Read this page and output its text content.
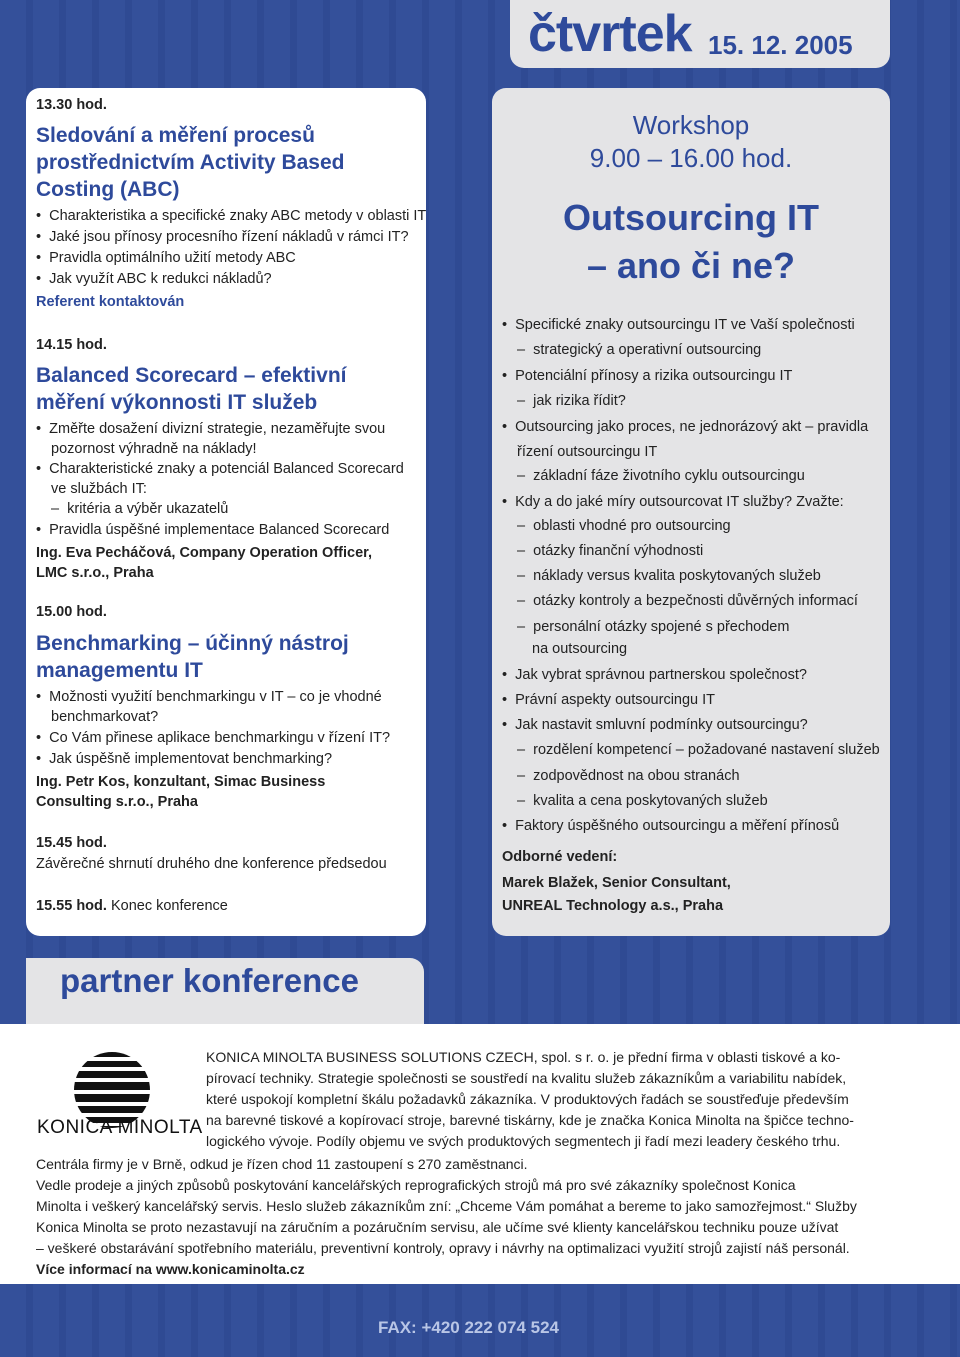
čtvrtek 15. 12. 2005
13.30 hod.
Sledování a měření procesů
prostřednictvím Activity Based
Costing (ABC)
•  Charakteristika a specifické znaky ABC metody v oblasti IT
•  Jaké jsou přínosy procesního řízení nákladů v rámci IT?
•  Pravidla optimálního užití metody ABC
•  Jak využít ABC k redukci nákladů?
Referent kontaktován
14.15 hod.
Balanced Scorecard – efektivní
měření výkonnosti IT služeb
•  Změřte dosažení divizní strategie, nezaměřujte svou
pozornost výhradně na náklady!
•  Charakteristické znaky a potenciál Balanced Scorecard
ve službách IT:
–  kritéria a výběr ukazatelů
•  Pravidla úspěšné implementace Balanced Scorecard
Ing. Eva Pecháčová, Company Operation Officer,
LMC s.r.o., Praha
15.00 hod.
Benchmarking – účinný nástroj
managementu IT
•  Možnosti využití benchmarkingu v IT – co je vhodné
benchmarkovat?
•  Co Vám přinese aplikace benchmarkingu v řízení IT?
•  Jak úspěšně implementovat benchmarking?
Ing. Petr Kos, konzultant, Simac Business
Consulting s.r.o., Praha
15.45 hod.
Závěrečné shrnutí druhého dne konference předsedou
15.55 hod. Konec konference
Workshop
9.00 – 16.00 hod.
Outsourcing IT
– ano či ne?
•  Specifické znaky outsourcingu IT ve Vaší společnosti
–  strategický a operativní outsourcing
•  Potenciální přínosy a rizika outsourcingu IT
–  jak rizika řídit?
•  Outsourcing jako proces, ne jednorázový akt – pravidla
řízení outsourcingu IT
–  základní fáze životního cyklu outsourcingu
•  Kdy a do jaké míry outsourcovat IT služby? Zvažte:
–  oblasti vhodné pro outsourcing
–  otázky finanční výhodnosti
–  náklady versus kvalita poskytovaných služeb
–  otázky kontroly a bezpečnosti důvěrných informací
–  personální otázky spojené s přechodem
na outsourcing
•  Jak vybrat správnou partnerskou společnost?
•  Právní aspekty outsourcingu IT
•  Jak nastavit smluvní podmínky outsourcingu?
–  rozdělení kompetencí – požadované nastavení služeb
–  zodpovědnost na obou stranách
–  kvalita a cena poskytovaných služeb
•  Faktory úspěšného outsourcingu a měření přínosů
Odborné vedení:
Marek Blažek, Senior Consultant,
UNREAL Technology a.s., Praha
partner konference
KONICA MINOLTA
KONICA MINOLTA BUSINESS SOLUTIONS CZECH, spol. s r. o. je přední firma v oblasti tiskové a ko-
pírovací techniky. Strategie společnosti se soustředí na kvalitu služeb zákazníkům a variabilitu nabídek,
které uspokojí kompletní škálu požadavků zákazníka. V produktových řadách se soustřeďuje především
na barevné tiskové a kopírovací stroje, barevné tiskárny, kde je značka Konica Minolta na špičce techno-
logického vývoje. Podíly objemu ve svých produktových segmentech ji řadí mezi leadery českého trhu.
Centrála firmy je v Brně, odkud je řízen chod 11 zastoupení s 270 zaměstnanci.
Vedle prodeje a jiných způsobů poskytování kancelářských reprografických strojů má pro své zákazníky společnost Konica
Minolta i veškerý kancelářský servis. Heslo služeb zákazníkům zní: „Chceme Vám pomáhat a bereme to jako samozřejmost.“ Služby
Konica Minolta se proto nezastavují na záručním a pozáručním servisu, ale učíme své klienty kancelářskou techniku pouze užívat
– veškeré obstarávání spotřebního materiálu, preventivní kontroly, opravy i návrhy na optimalizaci využití strojů zajistí náš personál.
Více informací na www.konicaminolta.cz
FAX: +420 222 074 524
